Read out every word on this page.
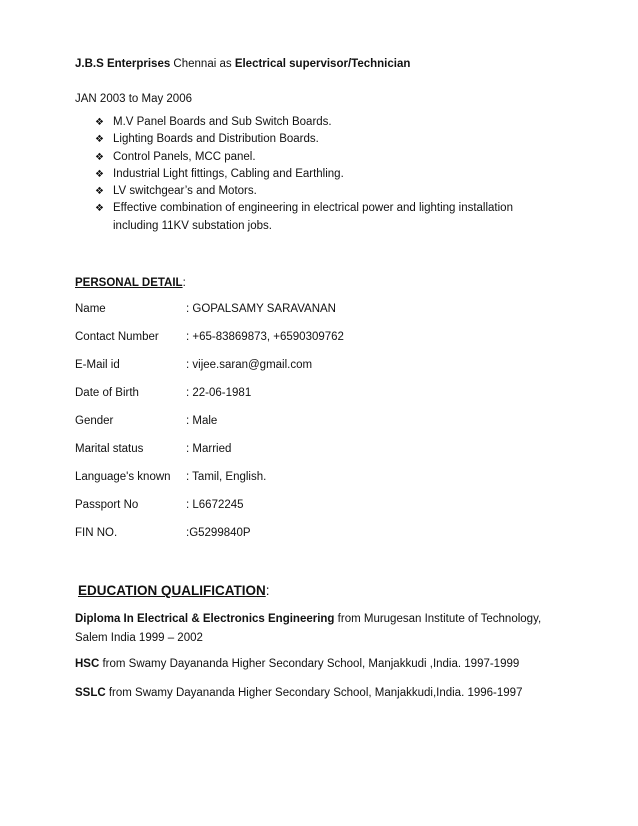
J.B.S Enterprises Chennai as Electrical supervisor/Technician
JAN 2003 to May 2006
❖ M.V Panel Boards and Sub Switch Boards.
❖ Lighting Boards and Distribution Boards.
❖ Control Panels, MCC panel.
❖ Industrial Light fittings, Cabling and Earthling.
❖ LV switchgear’s and Motors.
❖ Effective combination of engineering in electrical power and lighting installation including 11KV substation jobs.
PERSONAL DETAIL:
Name	: GOPALSAMY SARAVANAN
Contact Number : +65-83869873, +6590309762
E-Mail id	: vijee.saran@gmail.com
Date of Birth	: 22-06-1981
Gender	: Male
Marital status	: Married
Language's known : Tamil, English.
Passport No	: L6672245
FIN NO.	:G5299840P
EDUCATION QUALIFICATION:
Diploma In Electrical & Electronics Engineering from Murugesan Institute of Technology, Salem India 1999 – 2002
HSC from Swamy Dayananda Higher Secondary School, Manjakkudi ,India. 1997-1999
SSLC from Swamy Dayananda Higher Secondary School, Manjakkudi,India. 1996-1997
